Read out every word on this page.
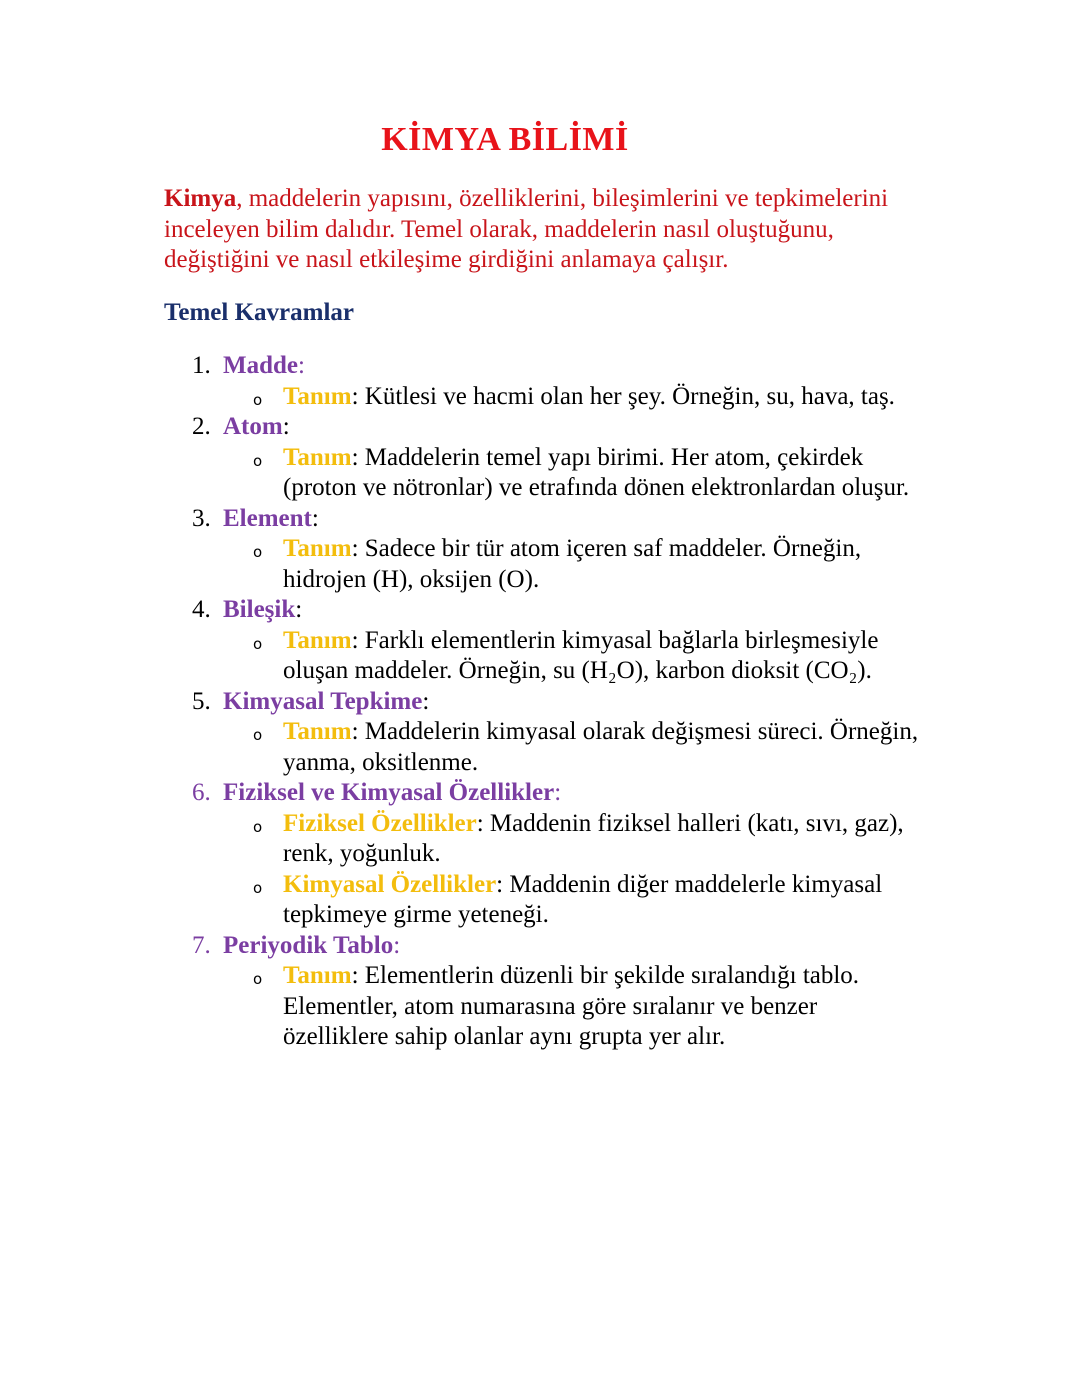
KİMYA BİLİMİ

Kimya, maddelerin yapısını, özelliklerini, bileşimlerini ve tepkimelerini inceleyen bilim dalıdır. Temel olarak, maddelerin nasıl oluştuğunu, değiştiğini ve nasıl etkileşime girdiğini anlamaya çalışır.

Temel Kavramlar
1. Madde:
o Tanım: Kütlesi ve hacmi olan her şey. Örneğin, su, hava, taş.
2. Atom:
o Tanım: Maddelerin temel yapı birimi. Her atom, çekirdek (proton ve nötronlar) ve etrafında dönen elektronlardan oluşur.
3. Element:
o Tanım: Sadece bir tür atom içeren saf maddeler. Örneğin, hidrojen (H), oksijen (O).
4. Bileşik:
o Tanım: Farklı elementlerin kimyasal bağlarla birleşmesiyle oluşan maddeler. Örneğin, su (H₂O), karbon dioksit (CO₂).
5. Kimyasal Tepkime:
o Tanım: Maddelerin kimyasal olarak değişmesi süreci. Örneğin, yanma, oksitlenme.
6. Fiziksel ve Kimyasal Özellikler:
o Fiziksel Özellikler: Maddenin fiziksel halleri (katı, sıvı, gaz), renk, yoğunluk.
o Kimyasal Özellikler: Maddenin diğer maddelerle kimyasal tepkimeye girme yeteneği.
7. Periyodik Tablo:
o Tanım: Elementlerin düzenli bir şekilde sıralandığı tablo. Elementler, atom numarasına göre sıralanır ve benzer özelliklere sahip olanlar aynı grupta yer alır.
